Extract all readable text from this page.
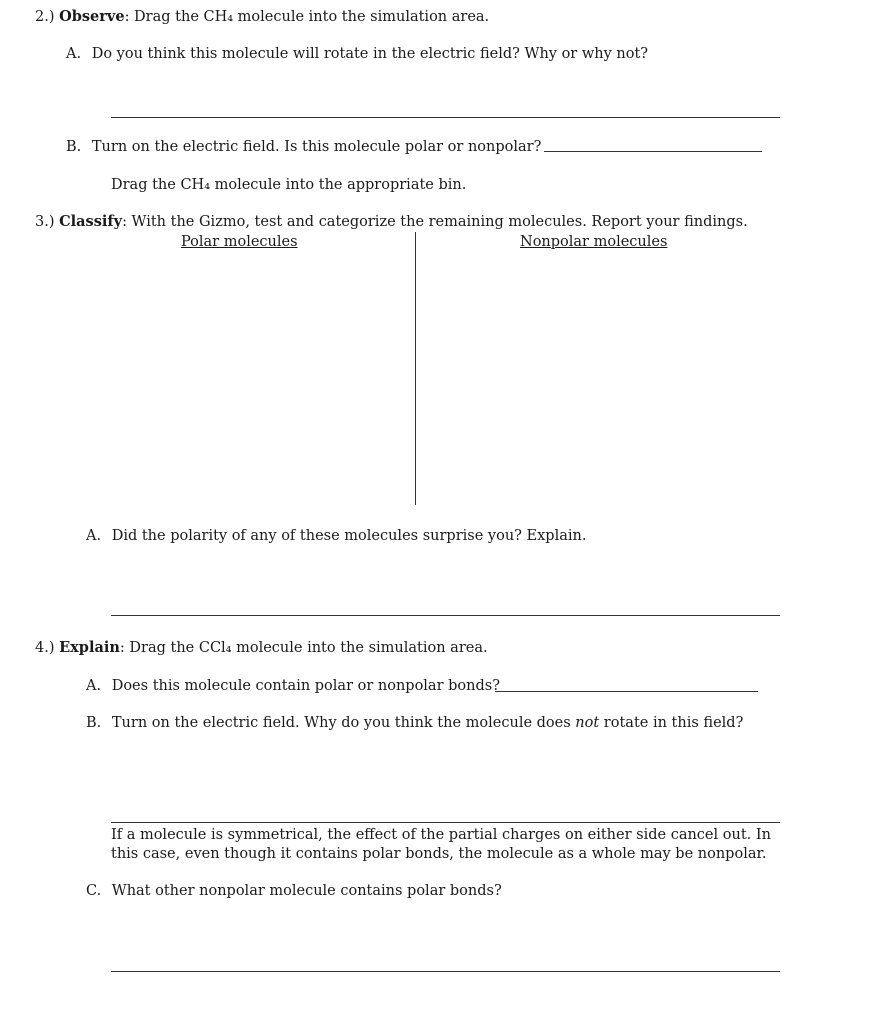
2.) Observe: Drag the CH₄ molecule into the simulation area.
A. Do you think this molecule will rotate in the electric field? Why or why not?
B. Turn on the electric field. Is this molecule polar or nonpolar?
Drag the CH₄ molecule into the appropriate bin.
3.) Classify: With the Gizmo, test and categorize the remaining molecules. Report your findings.
Polar molecules	Nonpolar molecules
A. Did the polarity of any of these molecules surprise you? Explain.
4.) Explain: Drag the CCl₄ molecule into the simulation area.
A. Does this molecule contain polar or nonpolar bonds?
B. Turn on the electric field. Why do you think the molecule does not rotate in this field?
If a molecule is symmetrical, the effect of the partial charges on either side cancel out. In this case, even though it contains polar bonds, the molecule as a whole may be nonpolar.
C. What other nonpolar molecule contains polar bonds?
